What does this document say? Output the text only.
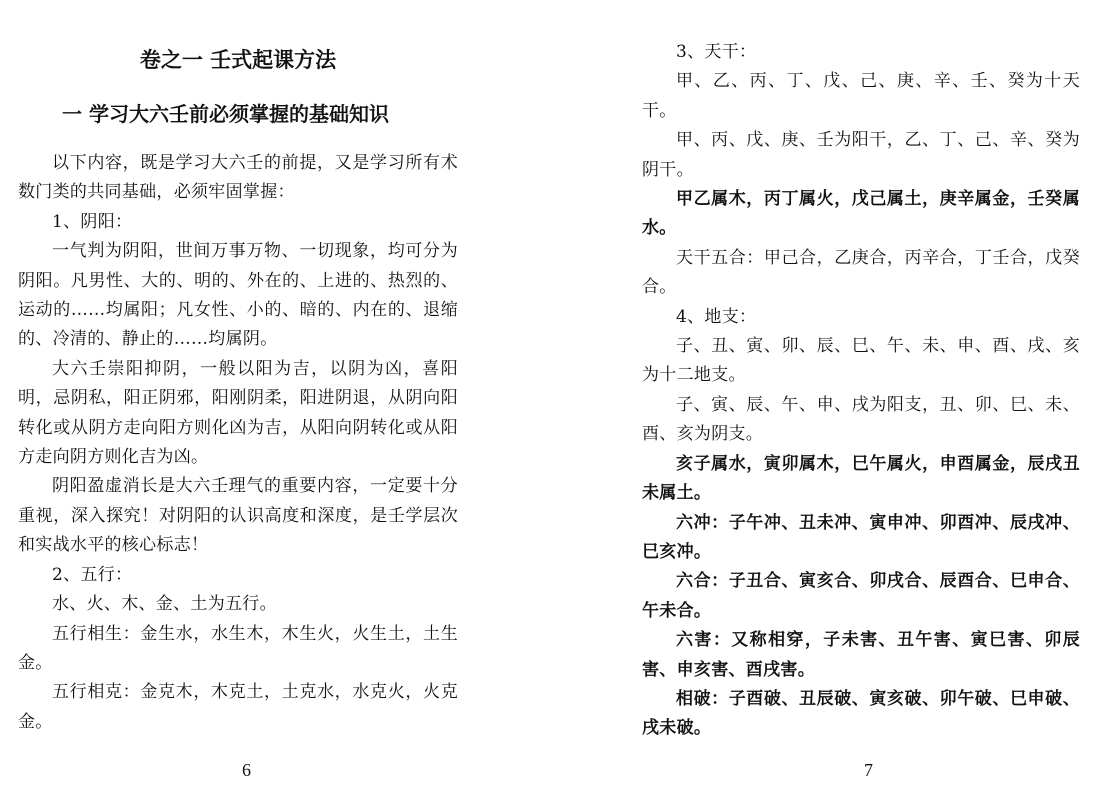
卷之一 壬式起课方法
一 学习大六壬前必须掌握的基础知识

以下内容，既是学习大六壬的前提，又是学习所有术数门类的共同基础，必须牢固掌握：

1、阴阳：

一气判为阴阳，世间万事万物、一切现象，均可分为阴阳。凡男性、大的、明的、外在的、上进的、热烈的、运动的……均属阳；凡女性、小的、暗的、内在的、退缩的、冷清的、静止的……均属阴。

大六壬崇阳抑阴，一般以阳为吉，以阴为凶，喜阳明，忌阴私，阳正阴邪，阳刚阴柔，阳进阴退，从阴向阳转化或从阴方走向阳方则化凶为吉，从阳向阴转化或从阳方走向阴方则化吉为凶。

阴阳盈虚消长是大六壬理气的重要内容，一定要十分重视，深入探究！对阴阳的认识高度和深度，是壬学层次和实战水平的核心标志！

2、五行：

水、火、木、金、土为五行。

五行相生：金生水，水生木，木生火，火生土，土生金。

五行相克：金克木，木克土，土克水，水克火，火克金。

6

3、天干：

甲、乙、丙、丁、戊、己、庚、辛、壬、癸为十天干。

甲、丙、戊、庚、壬为阳干，乙、丁、己、辛、癸为阴干。

甲乙属木，丙丁属火，戊己属土，庚辛属金，壬癸属水。

天干五合：甲己合，乙庚合，丙辛合，丁壬合，戊癸合。

4、地支：

子、丑、寅、卯、辰、巳、午、未、申、酉、戌、亥为十二地支。

子、寅、辰、午、申、戌为阳支，丑、卯、巳、未、酉、亥为阴支。

亥子属水，寅卯属木，巳午属火，申酉属金，辰戌丑未属土。

六冲：子午冲、丑未冲、寅申冲、卯酉冲、辰戌冲、巳亥冲。

六合：子丑合、寅亥合、卯戌合、辰酉合、巳申合、午未合。

六害：又称相穿，子未害、丑午害、寅巳害、卯辰害、申亥害、酉戌害。

相破：子酉破、丑辰破、寅亥破、卯午破、巳申破、戌未破。

7
